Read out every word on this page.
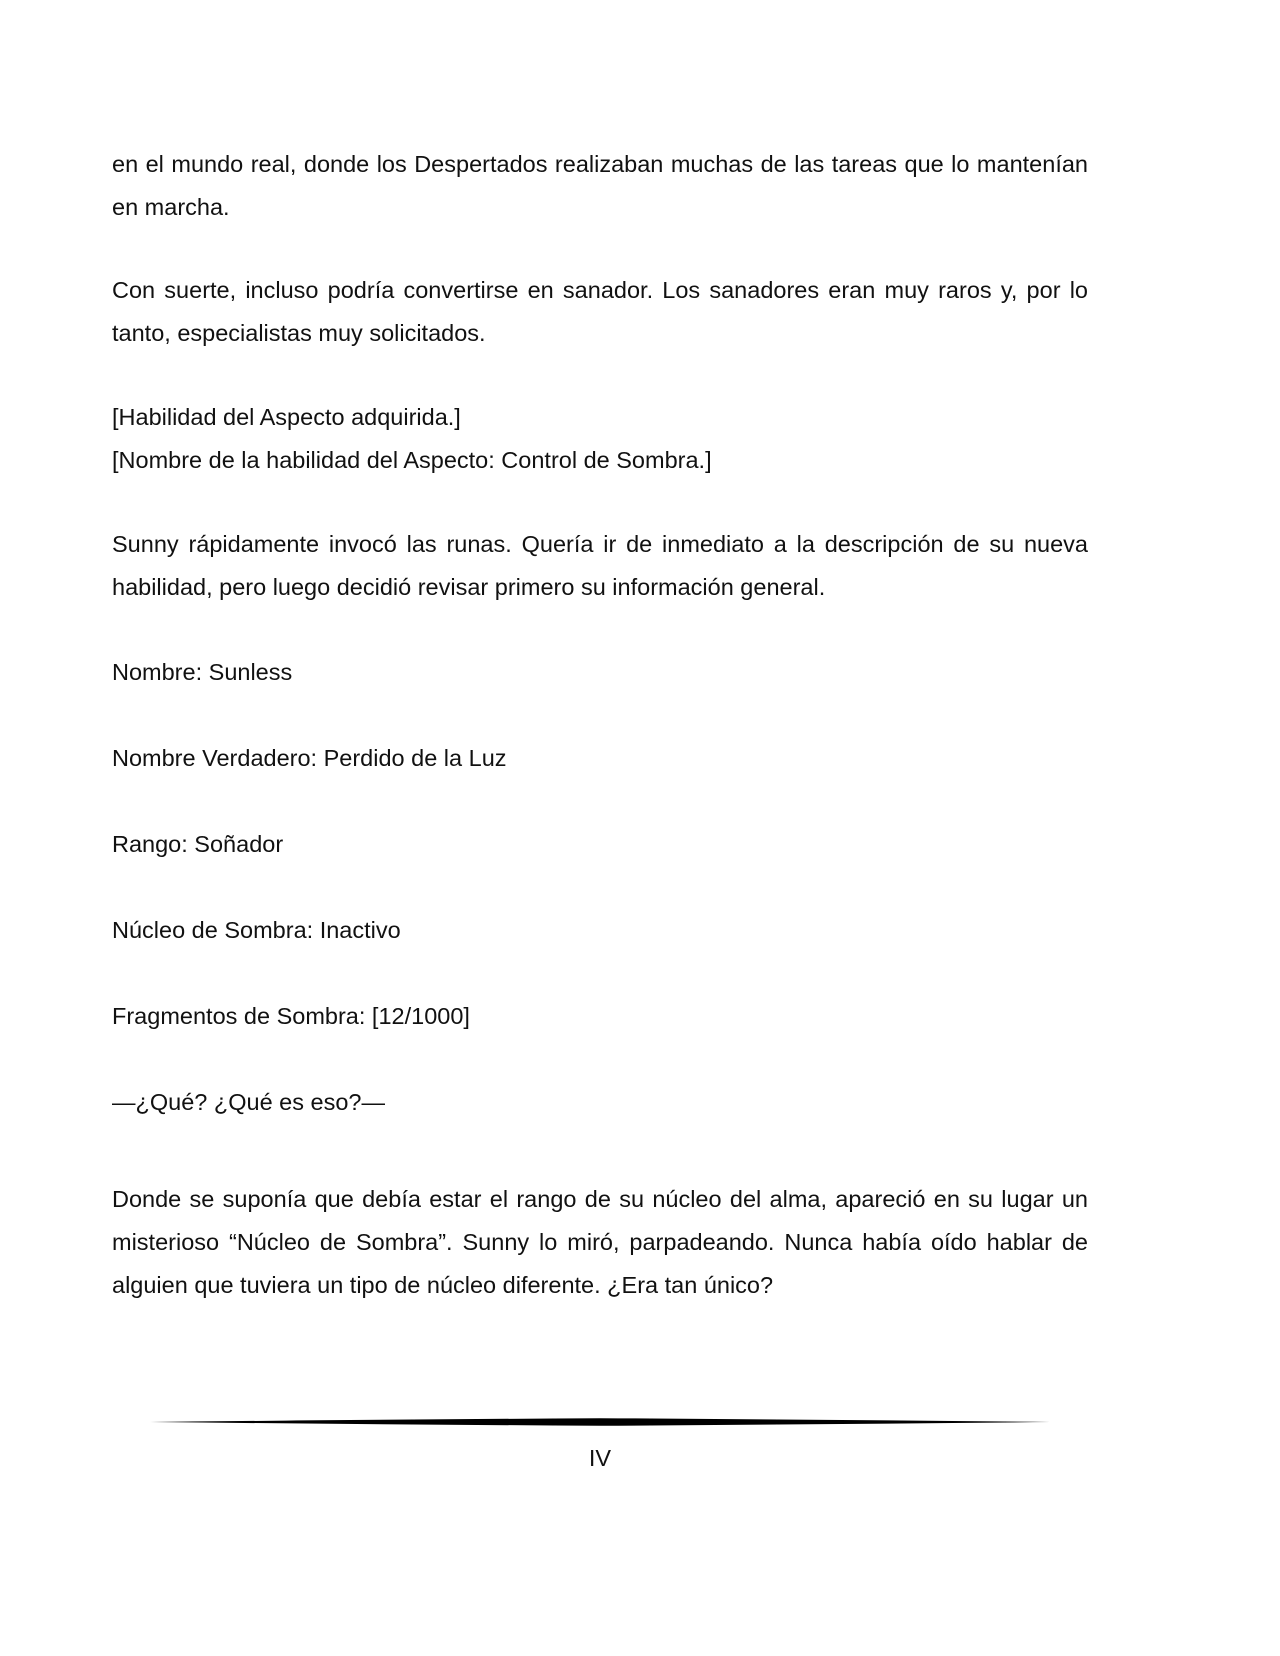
en el mundo real, donde los Despertados realizaban muchas de las tareas que lo mantenían en marcha.

Con suerte, incluso podría convertirse en sanador. Los sanadores eran muy raros y, por lo tanto, especialistas muy solicitados.

[Habilidad del Aspecto adquirida.]

[Nombre de la habilidad del Aspecto: Control de Sombra.]

Sunny rápidamente invocó las runas. Quería ir de inmediato a la descripción de su nueva habilidad, pero luego decidió revisar primero su información general.

Nombre: Sunless

Nombre Verdadero: Perdido de la Luz

Rango: Soñador

Núcleo de Sombra: Inactivo

Fragmentos de Sombra: [12/1000]

—¿Qué? ¿Qué es eso?—

Donde se suponía que debía estar el rango de su núcleo del alma, apareció en su lugar un misterioso “Núcleo de Sombra”. Sunny lo miró, parpadeando. Nunca había oído hablar de alguien que tuviera un tipo de núcleo diferente. ¿Era tan único?

IV
